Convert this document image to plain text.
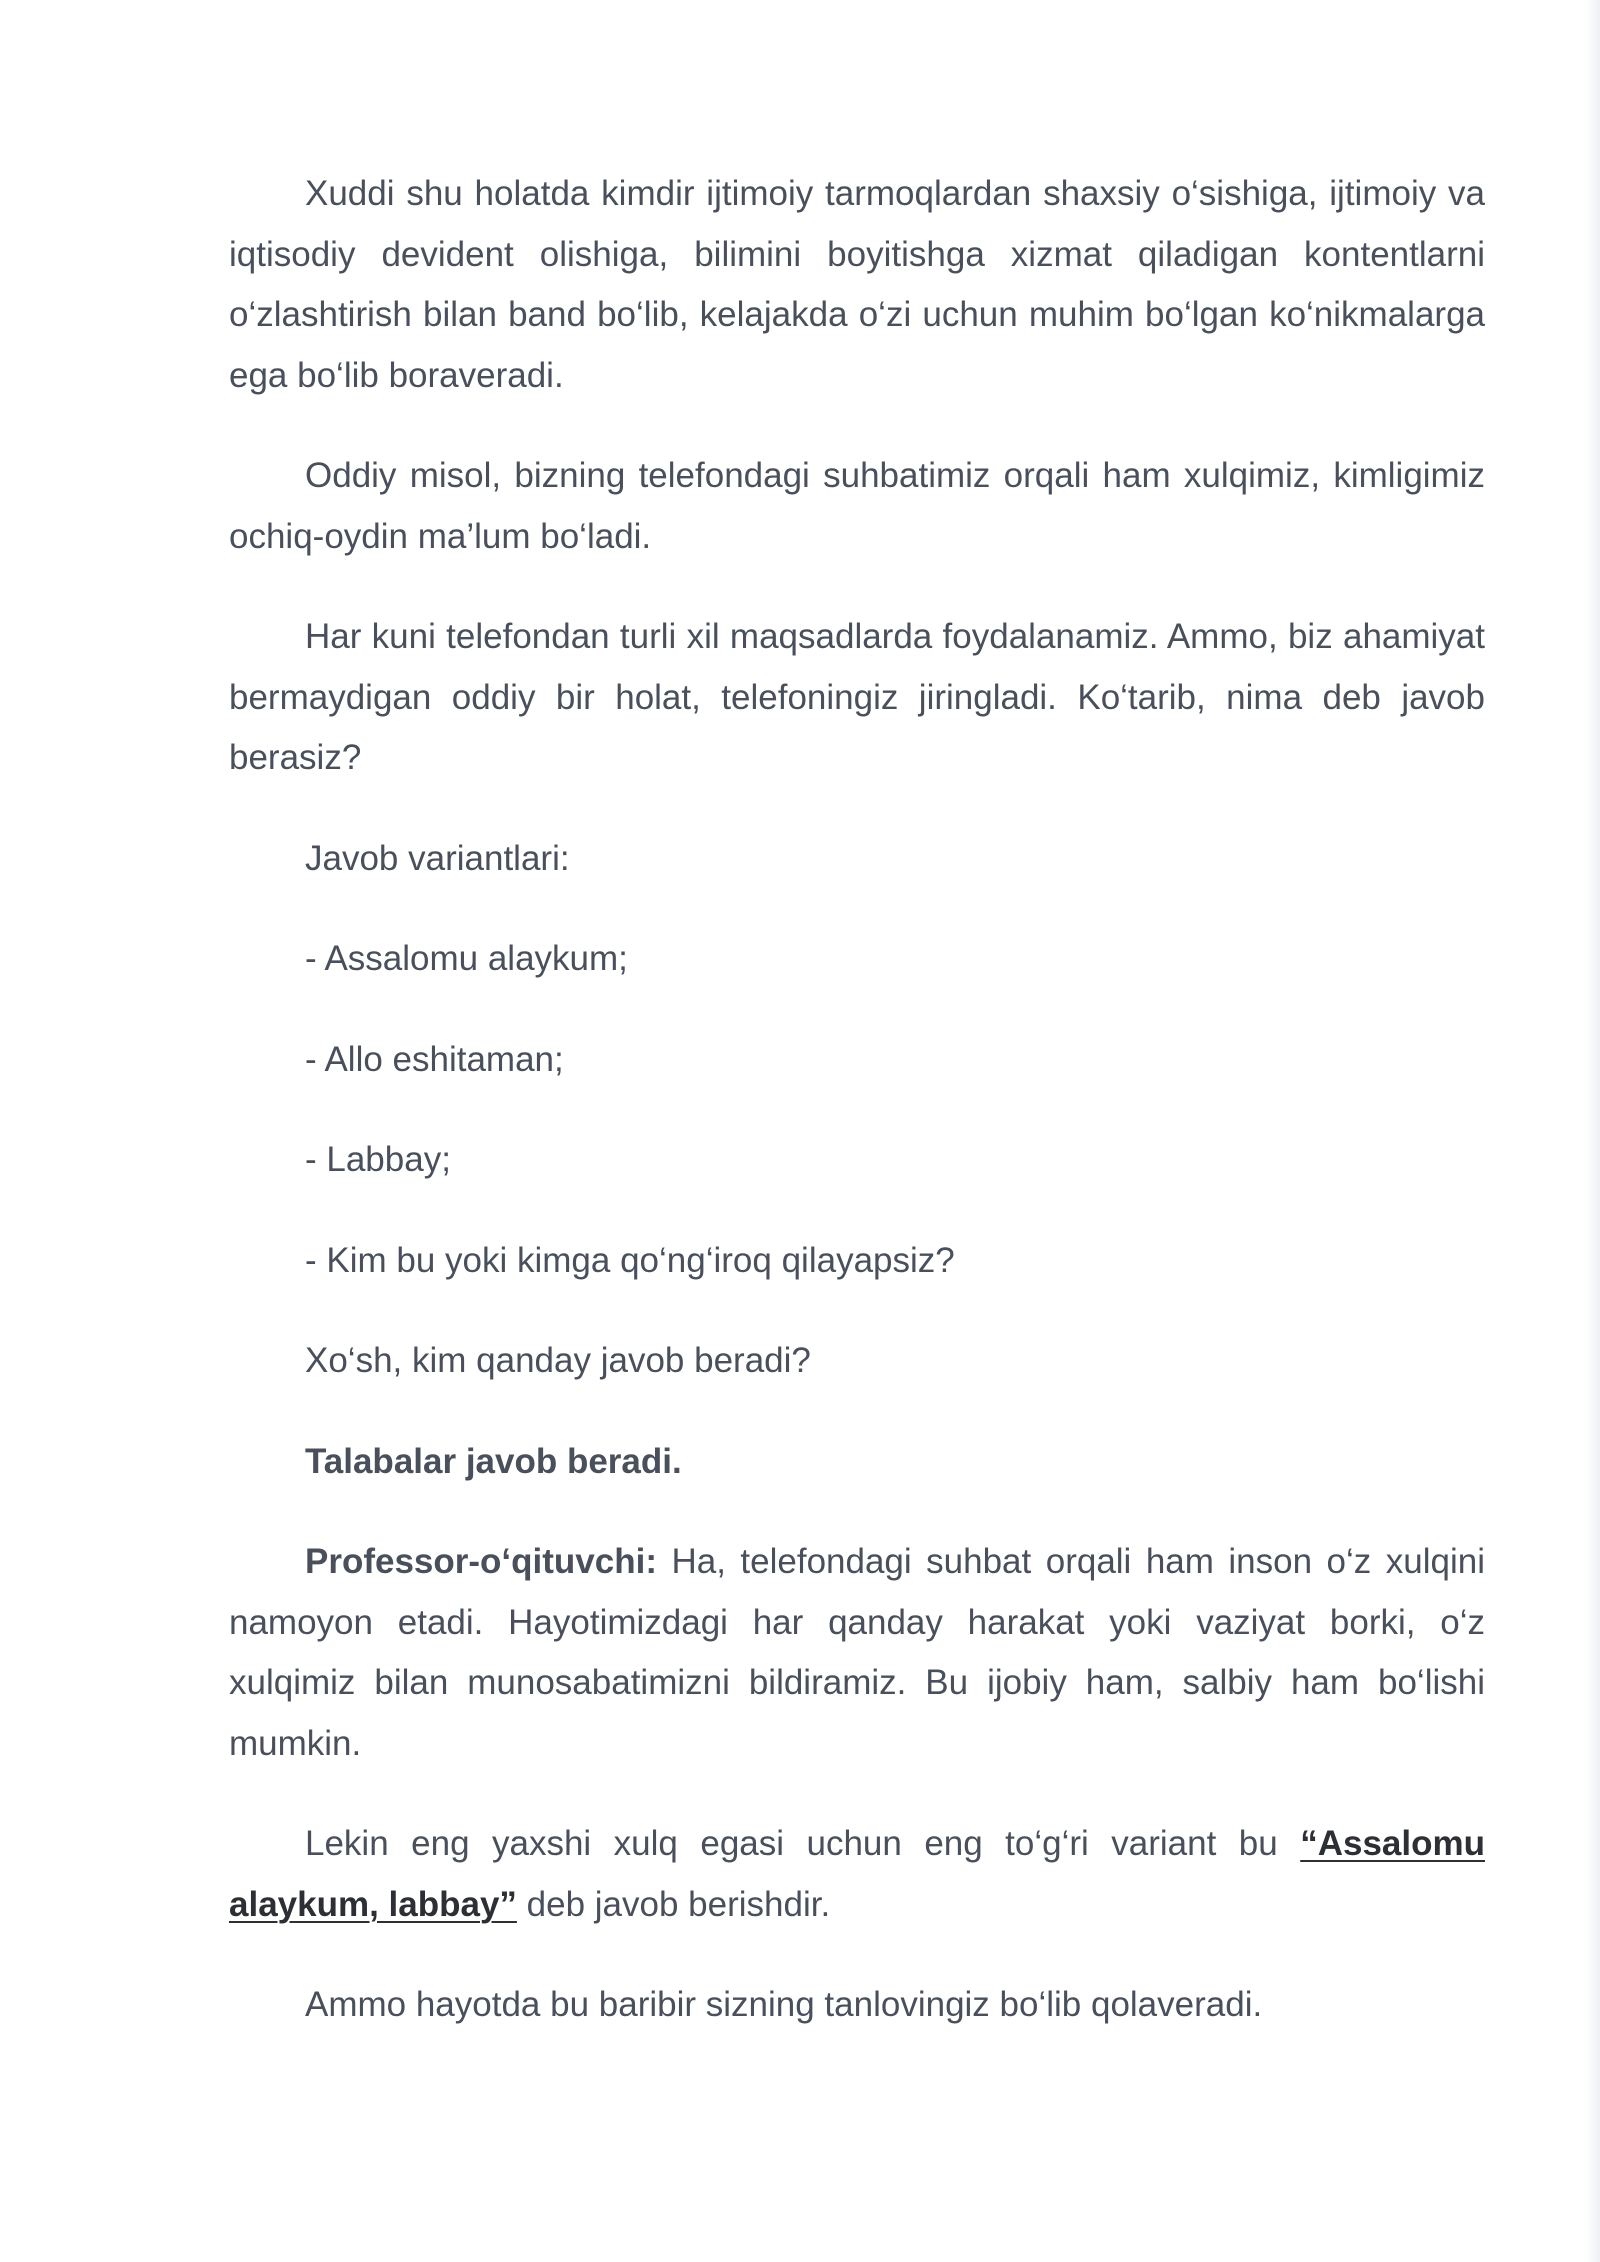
Xuddi shu holatda kimdir ijtimoiy tarmoqlardan shaxsiy o‘sishiga, ijtimoiy va iqtisodiy devident olishiga, bilimini boyitishga xizmat qiladigan kontentlarni o‘zlashtirish bilan band bo‘lib, kelajakda o‘zi uchun muhim bo‘lgan ko‘nikmalarga ega bo‘lib boraveradi.

Oddiy misol, bizning telefondagi suhbatimiz orqali ham xulqimiz, kimligimiz ochiq-oydin ma’lum bo‘ladi.

Har kuni telefondan turli xil maqsadlarda foydalanamiz. Ammo, biz ahamiyat bermaydigan oddiy bir holat, telefoningiz jiringladi. Ko‘tarib, nima deb javob berasiz?

Javob variantlari:

- Assalomu alaykum;

- Allo eshitaman;

- Labbay;

- Kim bu yoki kimga qo‘ng‘iroq qilayapsiz?

Xo‘sh, kim qanday javob beradi?

Talabalar javob beradi.

Professor-o‘qituvchi: Ha, telefondagi suhbat orqali ham inson o‘z xulqini namoyon etadi. Hayotimizdagi har qanday harakat yoki vaziyat borki, o‘z xulqimiz bilan munosabatimizni bildiramiz. Bu ijobiy ham, salbiy ham bo‘lishi mumkin.

Lekin eng yaxshi xulq egasi uchun eng to‘g‘ri variant bu “Assalomu alaykum, labbay” deb javob berishdir.

Ammo hayotda bu baribir sizning tanlovingiz bo‘lib qolaveradi.
